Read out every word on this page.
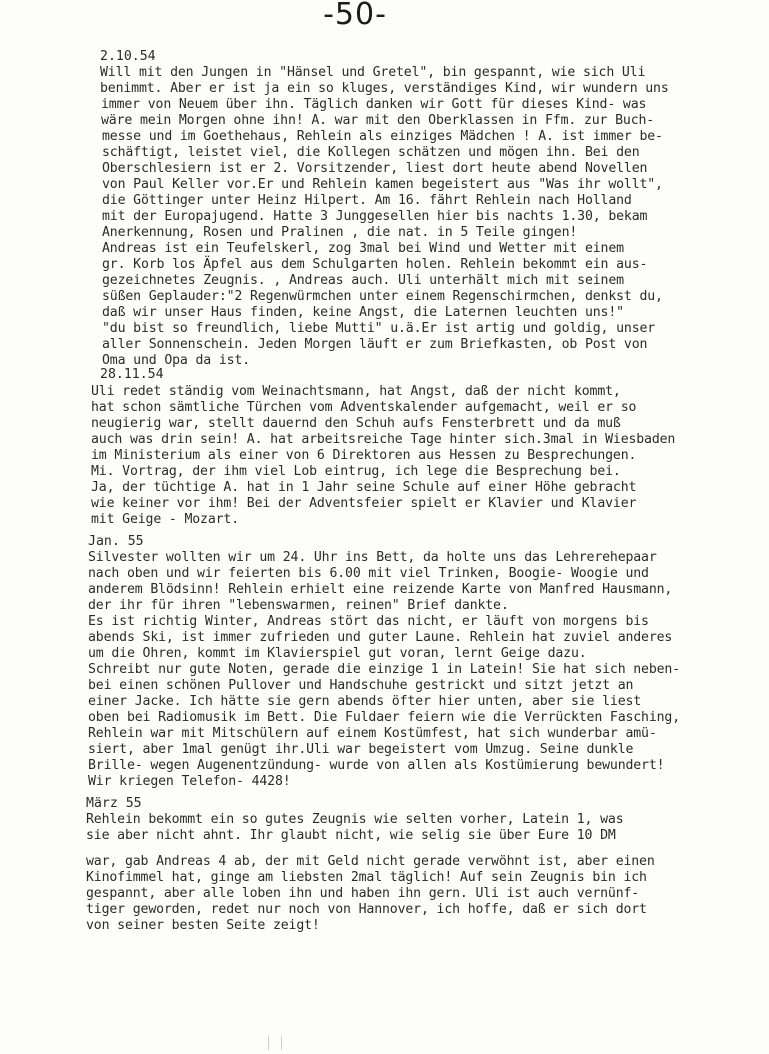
-50-
2.10.54
Will mit den Jungen in "Hänsel und Gretel", bin gespannt, wie sich Uli
benimmt. Aber er ist ja ein so kluges, verständiges Kind, wir wundern uns
immer von Neuem über ihn. Täglich danken wir Gott für dieses Kind- was
wäre mein Morgen ohne ihn! A. war mit den Oberklassen in Ffm. zur Buch-
messe und im Goethehaus, Rehlein als einziges Mädchen ! A. ist immer be-
schäftigt, leistet viel, die Kollegen schätzen und mögen ihn. Bei den
Oberschlesiern ist er 2. Vorsitzender, liest dort heute abend Novellen
von Paul Keller vor.Er und Rehlein kamen begeistert aus "Was ihr wollt",
die Göttinger unter Heinz Hilpert. Am 16. fährt Rehlein nach Holland
mit der Europajugend. Hatte 3 Junggesellen hier bis nachts 1.30, bekam
Anerkennung, Rosen und Pralinen , die nat. in 5 Teile gingen!
Andreas ist ein Teufelskerl, zog 3mal bei Wind und Wetter mit einem
gr. Korb los Äpfel aus dem Schulgarten holen. Rehlein bekommt ein aus-
gezeichnetes Zeugnis. , Andreas auch. Uli unterhält mich mit seinem
süßen Geplauder:"2 Regenwürmchen unter einem Regenschirmchen, denkst du,
daß wir unser Haus finden, keine Angst, die Laternen leuchten uns!"
"du bist so freundlich, liebe Mutti" u.ä.Er ist artig und goldig, unser
aller Sonnenschein. Jeden Morgen läuft er zum Briefkasten, ob Post von
Oma und Opa da ist.
28.11.54
Uli redet ständig vom Weinachtsmann, hat Angst, daß der nicht kommt,
hat schon sämtliche Türchen vom Adventskalender aufgemacht, weil er so
neugierig war, stellt dauernd den Schuh aufs Fensterbrett und da muß
auch was drin sein! A. hat arbeitsreiche Tage hinter sich.3mal in Wiesbaden
im Ministerium als einer von 6 Direktoren aus Hessen zu Besprechungen.
Mi. Vortrag, der ihm viel Lob eintrug, ich lege die Besprechung bei.
Ja, der tüchtige A. hat in 1 Jahr seine Schule auf einer Höhe gebracht
wie keiner vor ihm! Bei der Adventsfeier spielt er Klavier und Klavier
mit Geige - Mozart.
Jan. 55
Silvester wollten wir um 24. Uhr ins Bett, da holte uns das Lehrerehepaar
nach oben und wir feierten bis 6.00 mit viel Trinken, Boogie- Woogie und
anderem Blödsinn! Rehlein erhielt eine reizende Karte von Manfred Hausmann,
der ihr für ihren "lebenswarmen, reinen" Brief dankte.
Es ist richtig Winter, Andreas stört das nicht, er läuft von morgens bis
abends Ski, ist immer zufrieden und guter Laune. Rehlein hat zuviel anderes
um die Ohren, kommt im Klavierspiel gut voran, lernt Geige dazu.
Schreibt nur gute Noten, gerade die einzige 1 in Latein! Sie hat sich neben-
bei einen schönen Pullover und Handschuhe gestrickt und sitzt jetzt an
einer Jacke. Ich hätte sie gern abends öfter hier unten, aber sie liest
oben bei Radiomusik im Bett. Die Fuldaer feiern wie die Verrückten Fasching,
Rehlein war mit Mitschülern auf einem Kostümfest, hat sich wunderbar amü-
siert, aber 1mal genügt ihr.Uli war begeistert vom Umzug. Seine dunkle
Brille- wegen Augenentzündung- wurde von allen als Kostümierung bewundert!
Wir kriegen Telefon- 4428!
März 55
Rehlein bekommt ein so gutes Zeugnis wie selten vorher, Latein 1, was
sie aber nicht ahnt. Ihr glaubt nicht, wie selig sie über Eure 10 DM
war, gab Andreas 4 ab, der mit Geld nicht gerade verwöhnt ist, aber einen
Kinofimmel hat, ginge am liebsten 2mal täglich! Auf sein Zeugnis bin ich
gespannt, aber alle loben ihn und haben ihn gern. Uli ist auch vernünf-
tiger geworden, redet nur noch von Hannover, ich hoffe, daß er sich dort
von seiner besten Seite zeigt!
